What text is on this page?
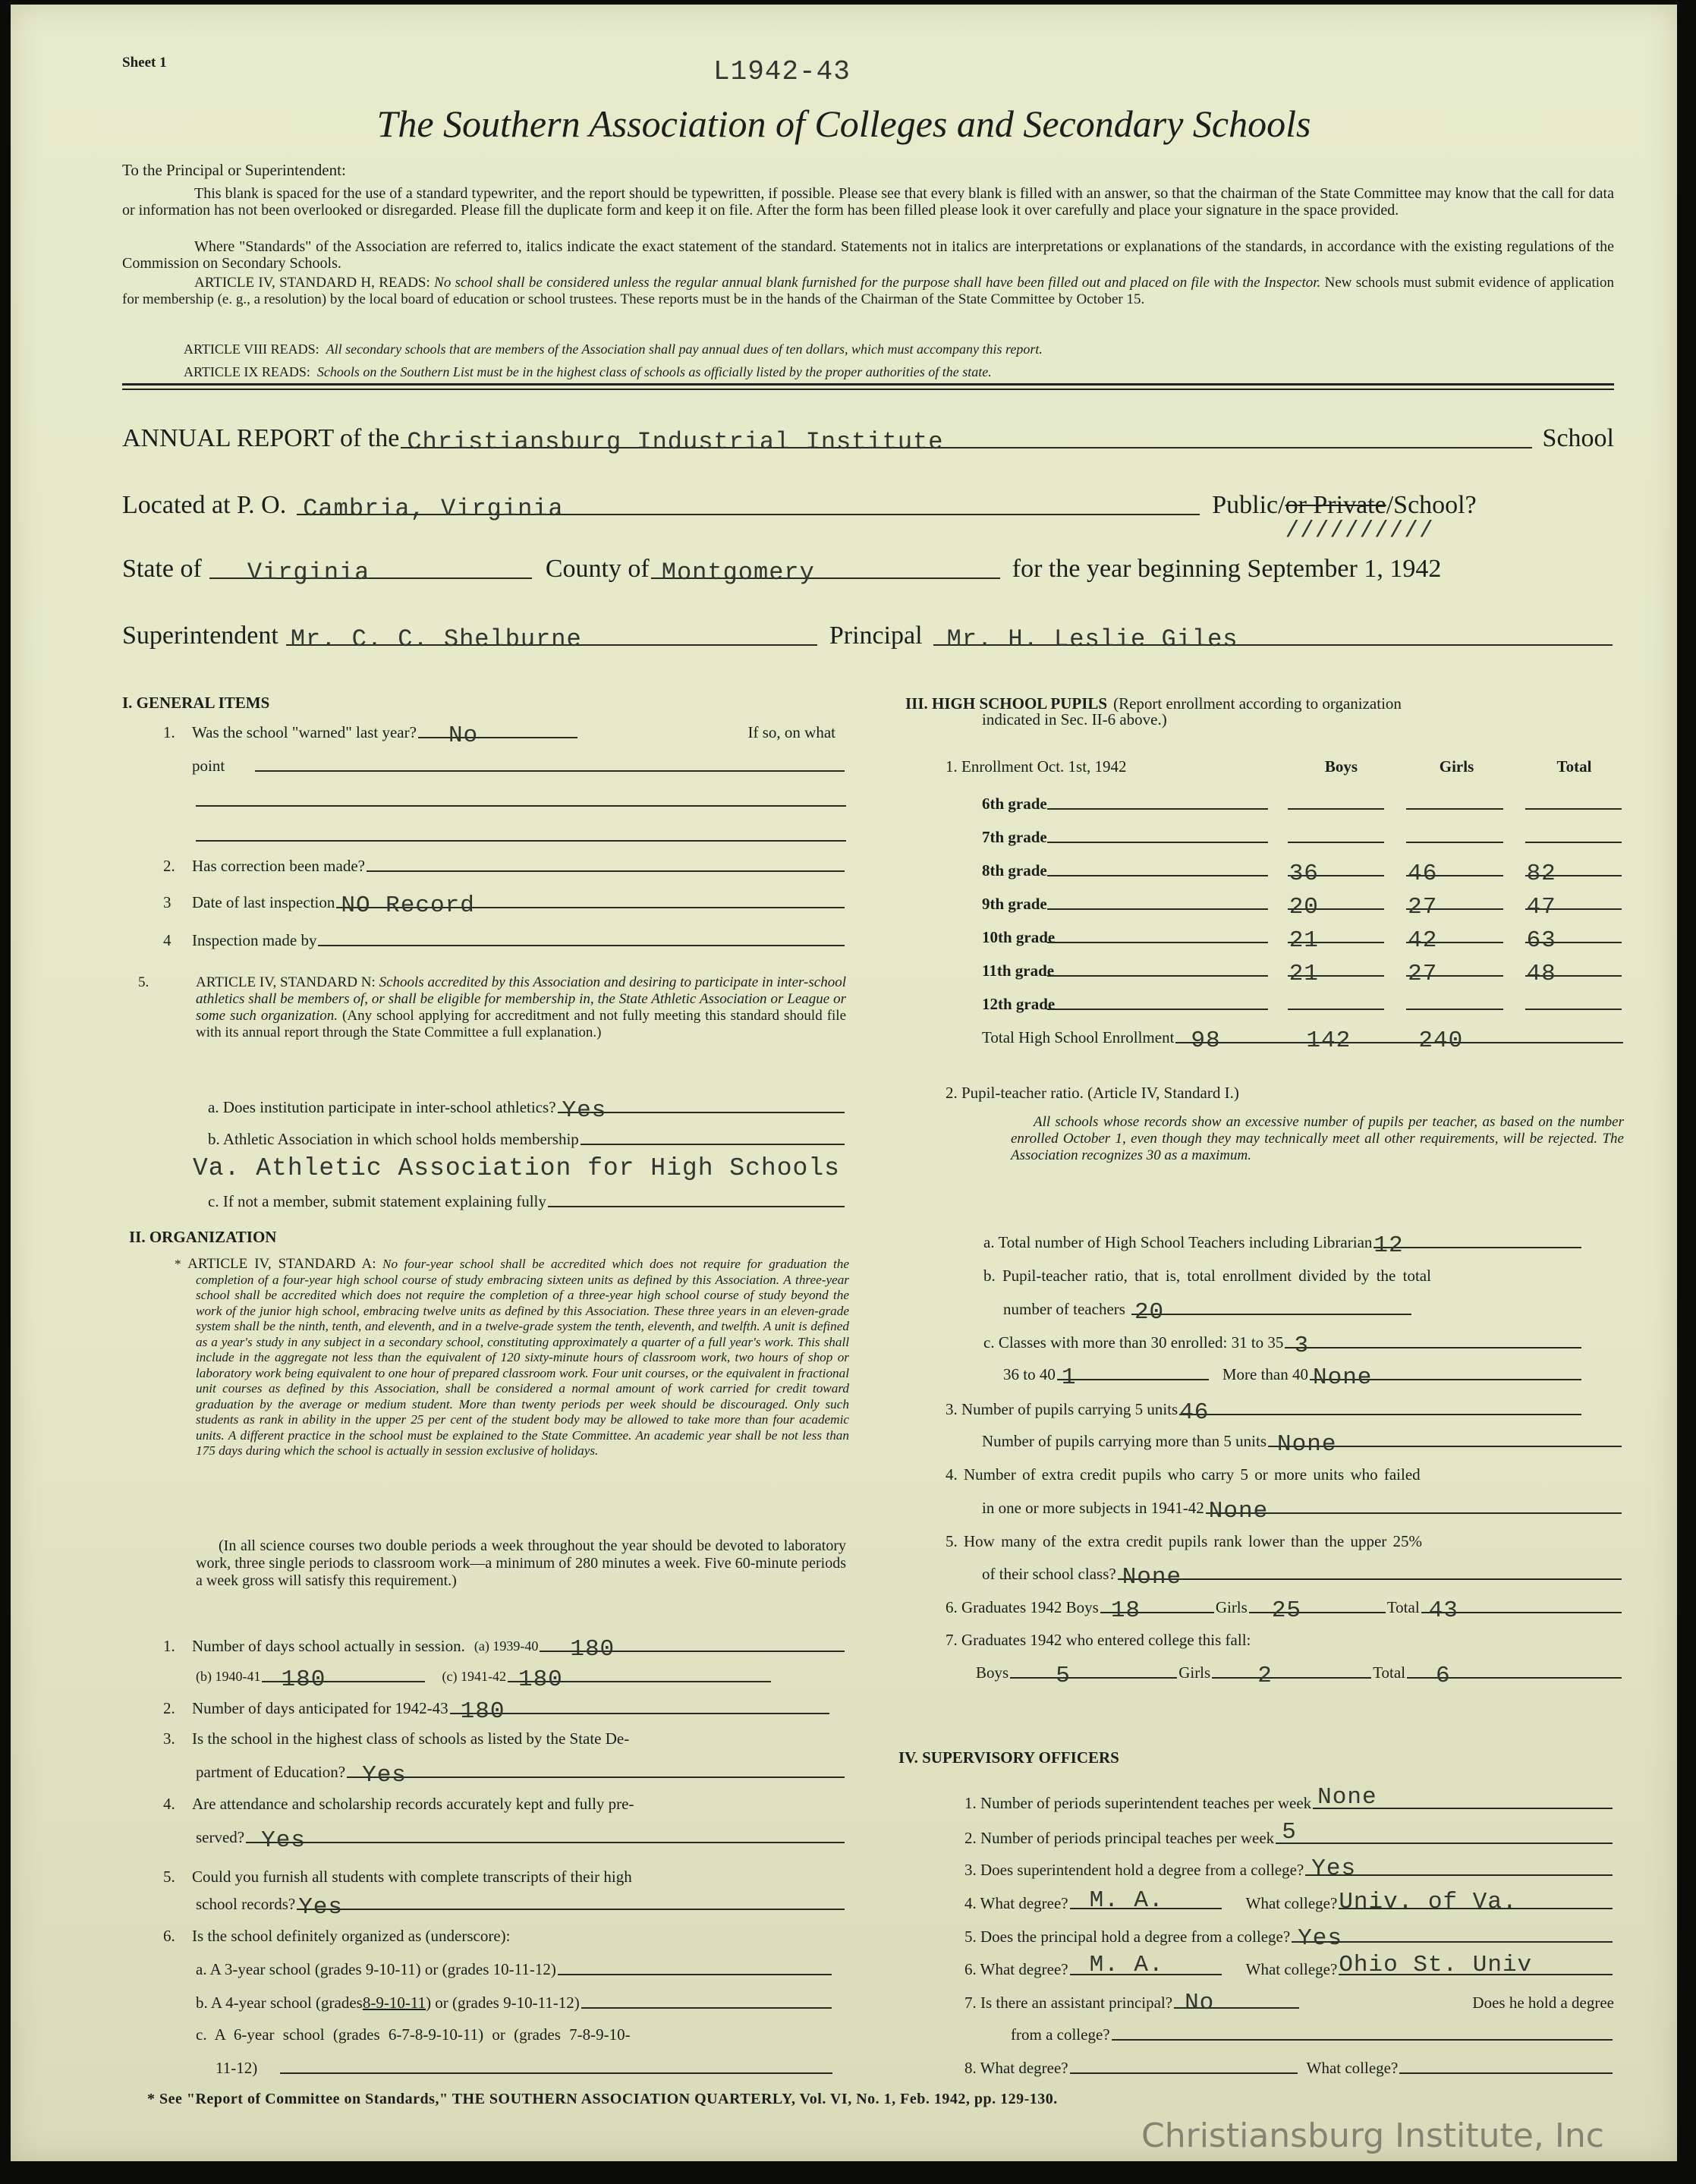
Sheet 1	L1942-43
The Southern Association of Colleges and Secondary Schools
To the Principal or Superintendent:
This blank is spaced for the use of a standard typewriter, and the report should be typewritten, if possible. Please see that every blank is filled with an answer, so that the chairman of the State Committee may know that the call for data or information has not been overlooked or disregarded. Please fill the duplicate form and keep it on file. After the form has been filled please look it over carefully and place your signature in the space provided.
Where "Standards" of the Association are referred to, italics indicate the exact statement of the standard. Statements not in italics are interpretations or explanations of the standards, in accordance with the existing regulations of the Commission on Secondary Schools.
ARTICLE IV, STANDARD H, READS: No school shall be considered unless the regular annual blank furnished for the purpose shall have been filled out and placed on file with the Inspector. New schools must submit evidence of application for membership (e. g., a resolution) by the local board of education or school trustees. These reports must be in the hands of the Chairman of the State Committee by October 15.
ARTICLE VIII READS: All secondary schools that are members of the Association shall pay annual dues of ten dollars, which must accompany this report.
ARTICLE IX READS: Schools on the Southern List must be in the highest class of schools as officially listed by the proper authorities of the state.
ANNUAL REPORT of the Christiansburg Industrial Institute	School
Located at P. O. Cambria, Virginia	Public/or Private
//////////
/School?
State of Virginia	County of Montgomery	for the year beginning September 1, 1942
Superintendent Mr. C. C. Shelburne	Principal Mr. H. Leslie Giles
I. GENERAL ITEMS
1.	Was the school "warned" last year? No	If so, on what
point
2.	Has correction been made?
3	Date of last inspection NO Record
4	Inspection made by
5.	ARTICLE IV, STANDARD N: Schools accredited by this Association and desiring to participate in inter-school athletics shall be members of, or shall be eligible for membership in, the State Athletic Association or League or some such organization. (Any school applying for accreditment and not fully meeting this standard should file with its annual report through the State Committee a full explanation.)
a. Does institution participate in inter-school athletics? Yes
b. Athletic Association in which school holds membership
Va. Athletic Association for High Schools
c. If not a member, submit statement explaining fully
II. ORGANIZATION
* ARTICLE IV, STANDARD A: No four-year school shall be accredited which does not require for graduation the completion of a four-year high school course of study embracing sixteen units as defined by this Association. A three-year school shall be accredited which does not require the completion of a three-year high school course of study beyond the work of the junior high school, embracing twelve units as defined by this Association. These three years in an eleven-grade system shall be the ninth, tenth, and eleventh, and in a twelve-grade system the tenth, eleventh, and twelfth. A unit is defined as a year's study in any subject in a secondary school, constituting approximately a quarter of a full year's work. This shall include in the aggregate not less than the equivalent of 120 sixty-minute hours of classroom work, two hours of shop or laboratory work being equivalent to one hour of prepared classroom work. Four unit courses, or the equivalent in fractional unit courses as defined by this Association, shall be considered a normal amount of work carried for credit toward graduation by the average or medium student. More than twenty periods per week should be discouraged. Only such students as rank in ability in the upper 25 per cent of the student body may be allowed to take more than four academic units. A different practice in the school must be explained to the State Committee. An academic year shall be not less than 175 days during which the school is actually in session exclusive of holidays.
(In all science courses two double periods a week throughout the year should be devoted to laboratory work, three single periods to classroom work—a minimum of 280 minutes a week. Five 60-minute periods a week gross will satisfy this requirement.)
1.	Number of days school actually in session. (a) 1939-40 180
(b) 1940-41 180	(c) 1941-42 180
2.	Number of days anticipated for 1942-43 180
3.	Is the school in the highest class of schools as listed by the State De-
partment of Education? Yes
4.	Are attendance and scholarship records accurately kept and fully pre-
served? Yes
5.	Could you furnish all students with complete transcripts of their high
school records? Yes
6.	Is the school definitely organized as (underscore):
a. A 3-year school (grades 9-10-11) or (grades 10-11-12)
b. A 4-year school (grades 8-9-10-11 ) or (grades 9-10-11-12)
c. A 6-year school (grades 6-7-8-9-10-11) or (grades 7-8-9-10-
11-12)
III. HIGH SCHOOL PUPILS (Report enrollment according to organization
indicated in Sec. II-6 above.)
1. Enrollment Oct. 1st, 1942	Boys	Girls	Total
6th grade
7th grade
8th grade	36	46	82
9th grade	20	27	47
10th grade	21	42	63
11th grade	21	27	48
12th grade
Total High School Enrollment 98	142	240
2. Pupil-teacher ratio. (Article IV, Standard I.)
All schools whose records show an excessive number of pupils per teacher, as based on the number enrolled October 1, even though they may technically meet all other requirements, will be rejected. The Association recognizes 30 as a maximum.
a. Total number of High School Teachers including Librarian 12
b. Pupil-teacher ratio, that is, total enrollment divided by the total
number of teachers 20
c. Classes with more than 30 enrolled: 31 to 35 3
36 to 40 1	More than 40 None
3. Number of pupils carrying 5 units 46
Number of pupils carrying more than 5 units None
4. Number of extra credit pupils who carry 5 or more units who failed
in one or more subjects in 1941-42 None
5. How many of the extra credit pupils rank lower than the upper 25%
of their school class? None
6. Graduates 1942 Boys 18	Girls 25	Total 43
7. Graduates 1942 who entered college this fall:
Boys 5	Girls 2	Total 6
IV. SUPERVISORY OFFICERS
1. Number of periods superintendent teaches per week None
2. Number of periods principal teaches per week 5
3. Does superintendent hold a degree from a college? Yes
4. What degree? M. A.	What college? Univ. of Va.
5. Does the principal hold a degree from a college? Yes
6. What degree? M. A.	What college? Ohio St. Univ
7. Is there an assistant principal? No	Does he hold a degree
from a college?
8. What degree?	What college?
* See "Report of Committee on Standards," THE SOUTHERN ASSOCIATION QUARTERLY, Vol. VI, No. 1, Feb. 1942, pp. 129-130.
Christiansburg Institute, Inc
